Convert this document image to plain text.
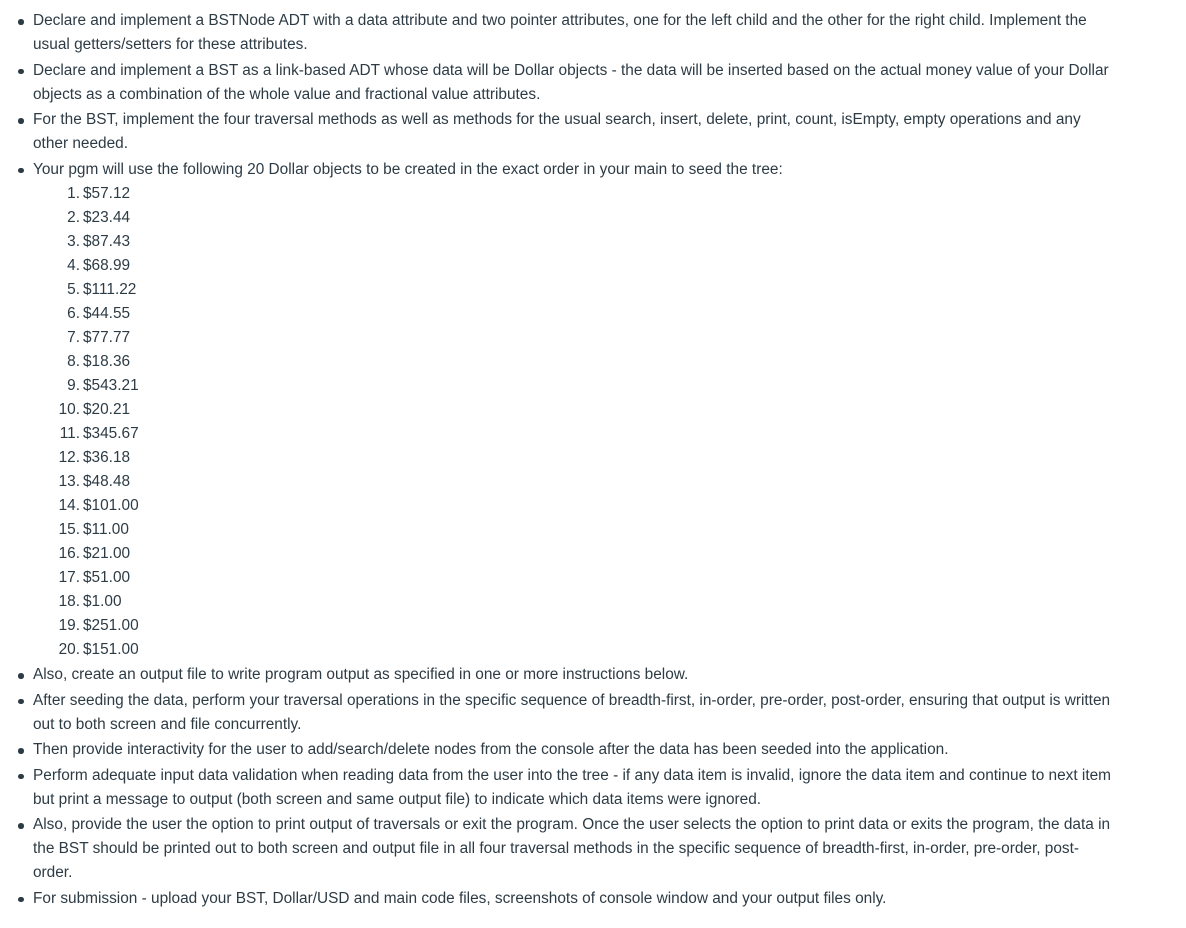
Declare and implement a BSTNode ADT with a data attribute and two pointer attributes, one for the left child and the other for the right child. Implement the usual getters/setters for these attributes.
Declare and implement a BST as a link-based ADT whose data will be Dollar objects - the data will be inserted based on the actual money value of your Dollar objects as a combination of the whole value and fractional value attributes.
For the BST, implement the four traversal methods as well as methods for the usual search, insert, delete, print, count, isEmpty, empty operations and any other needed.
Your pgm will use the following 20 Dollar objects to be created in the exact order in your main to seed the tree:
1. $57.12
2. $23.44
3. $87.43
4. $68.99
5. $111.22
6. $44.55
7. $77.77
8. $18.36
9. $543.21
10. $20.21
11. $345.67
12. $36.18
13. $48.48
14. $101.00
15. $11.00
16. $21.00
17. $51.00
18. $1.00
19. $251.00
20. $151.00
Also, create an output file to write program output as specified in one or more instructions below.
After seeding the data, perform your traversal operations in the specific sequence of breadth-first, in-order, pre-order, post-order, ensuring that output is written out to both screen and file concurrently.
Then provide interactivity for the user to add/search/delete nodes from the console after the data has been seeded into the application.
Perform adequate input data validation when reading data from the user into the tree - if any data item is invalid, ignore the data item and continue to next item but print a message to output (both screen and same output file) to indicate which data items were ignored.
Also, provide the user the option to print output of traversals or exit the program. Once the user selects the option to print data or exits the program, the data in the BST should be printed out to both screen and output file in all four traversal methods in the specific sequence of breadth-first, in-order, pre-order, post-order.
For submission - upload your BST, Dollar/USD and main code files, screenshots of console window and your output files only.
